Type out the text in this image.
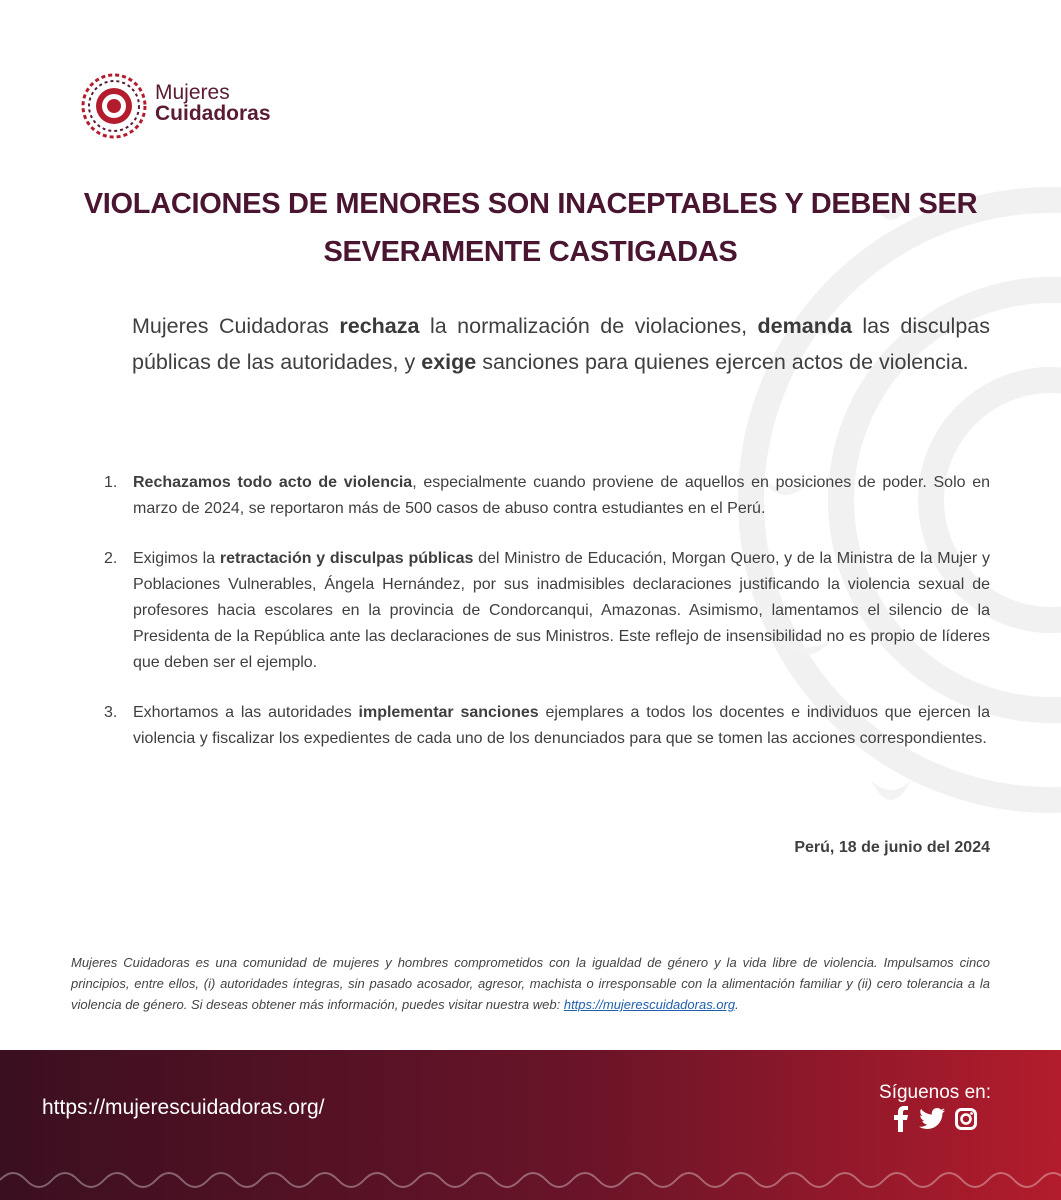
Mujeres
Cuidadoras
VIOLACIONES DE MENORES SON INACEPTABLES Y DEBEN SER
SEVERAMENTE CASTIGADAS
Mujeres Cuidadoras rechaza la normalización de violaciones, demanda las disculpas públicas de las autoridades, y exige sanciones para quienes ejercen actos de violencia.
1. Rechazamos todo acto de violencia, especialmente cuando proviene de aquellos en posiciones de poder. Solo en marzo de 2024, se reportaron más de 500 casos de abuso contra estudiantes en el Perú.
2. Exigimos la retractación y disculpas públicas del Ministro de Educación, Morgan Quero, y de la Ministra de la Mujer y Poblaciones Vulnerables, Ángela Hernández, por sus inadmisibles declaraciones justificando la violencia sexual de profesores hacia escolares en la provincia de Condorcanqui, Amazonas. Asimismo, lamentamos el silencio de la Presidenta de la República ante las declaraciones de sus Ministros. Este reflejo de insensibilidad no es propio de líderes que deben ser el ejemplo.
3. Exhortamos a las autoridades implementar sanciones ejemplares a todos los docentes e individuos que ejercen la violencia y fiscalizar los expedientes de cada uno de los denunciados para que se tomen las acciones correspondientes.
Perú, 18 de junio del 2024
Mujeres Cuidadoras es una comunidad de mujeres y hombres comprometidos con la igualdad de género y la vida libre de violencia. Impulsamos cinco principios, entre ellos, (i) autoridades íntegras, sin pasado acosador, agresor, machista o irresponsable con la alimentación familiar y (ii) cero tolerancia a la violencia de género. Si deseas obtener más información, puedes visitar nuestra web: https://mujerescuidadoras.org.
https://mujerescuidadoras.org/
Síguenos en:
